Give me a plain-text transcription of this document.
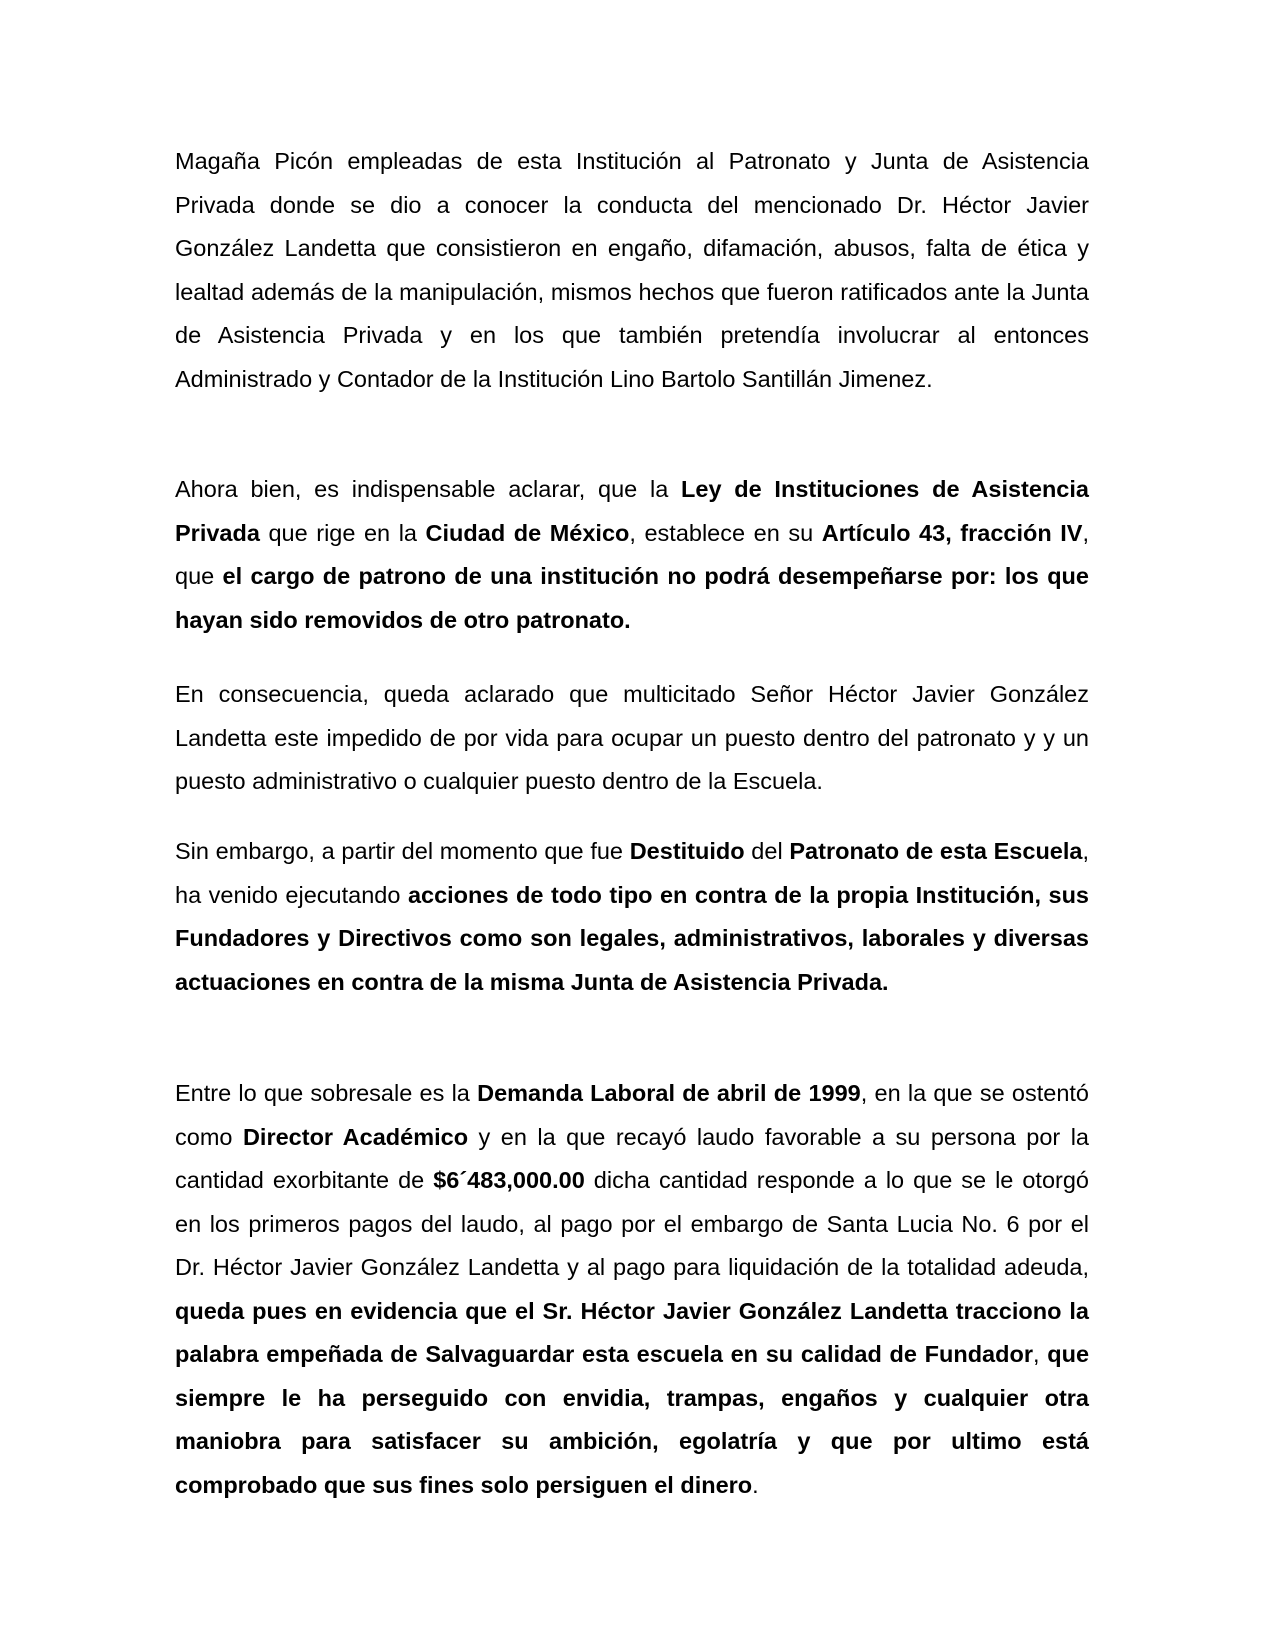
Magaña Picón empleadas de esta Institución al Patronato y Junta de Asistencia Privada donde se dio a conocer la conducta del mencionado Dr. Héctor Javier González Landetta que consistieron en engaño, difamación, abusos, falta de ética y lealtad además de la manipulación, mismos hechos que fueron ratificados ante la Junta de Asistencia Privada y en los que también pretendía involucrar al entonces Administrado y Contador de la Institución Lino Bartolo Santillán Jimenez.

Ahora bien, es indispensable aclarar, que la Ley de Instituciones de Asistencia Privada que rige en la Ciudad de México, establece en su Artículo 43, fracción IV, que el cargo de patrono de una institución no podrá desempeñarse por: los que hayan sido removidos de otro patronato.

En consecuencia, queda aclarado que multicitado Señor Héctor Javier González Landetta este impedido de por vida para ocupar un puesto dentro del patronato y y un puesto administrativo o cualquier puesto dentro de la Escuela.

Sin embargo, a partir del momento que fue Destituido del Patronato de esta Escuela, ha venido ejecutando acciones de todo tipo en contra de la propia Institución, sus Fundadores y Directivos como son legales, administrativos, laborales y diversas actuaciones en contra de la misma Junta de Asistencia Privada.

Entre lo que sobresale es la Demanda Laboral de abril de 1999, en la que se ostentó como Director Académico y en la que recayó laudo favorable a su persona por la cantidad exorbitante de $6´483,000.00 dicha cantidad responde a lo que se le otorgó en los primeros pagos del laudo, al pago por el embargo de Santa Lucia No. 6 por el Dr. Héctor Javier González Landetta y al pago para liquidación de la totalidad adeuda, queda pues en evidencia que el Sr. Héctor Javier González Landetta tracciono la palabra empeñada de Salvaguardar esta escuela en su calidad de Fundador, que siempre le ha perseguido con envidia, trampas, engaños y cualquier otra maniobra para satisfacer su ambición, egolatría y que por ultimo está comprobado que sus fines solo persiguen el dinero.
